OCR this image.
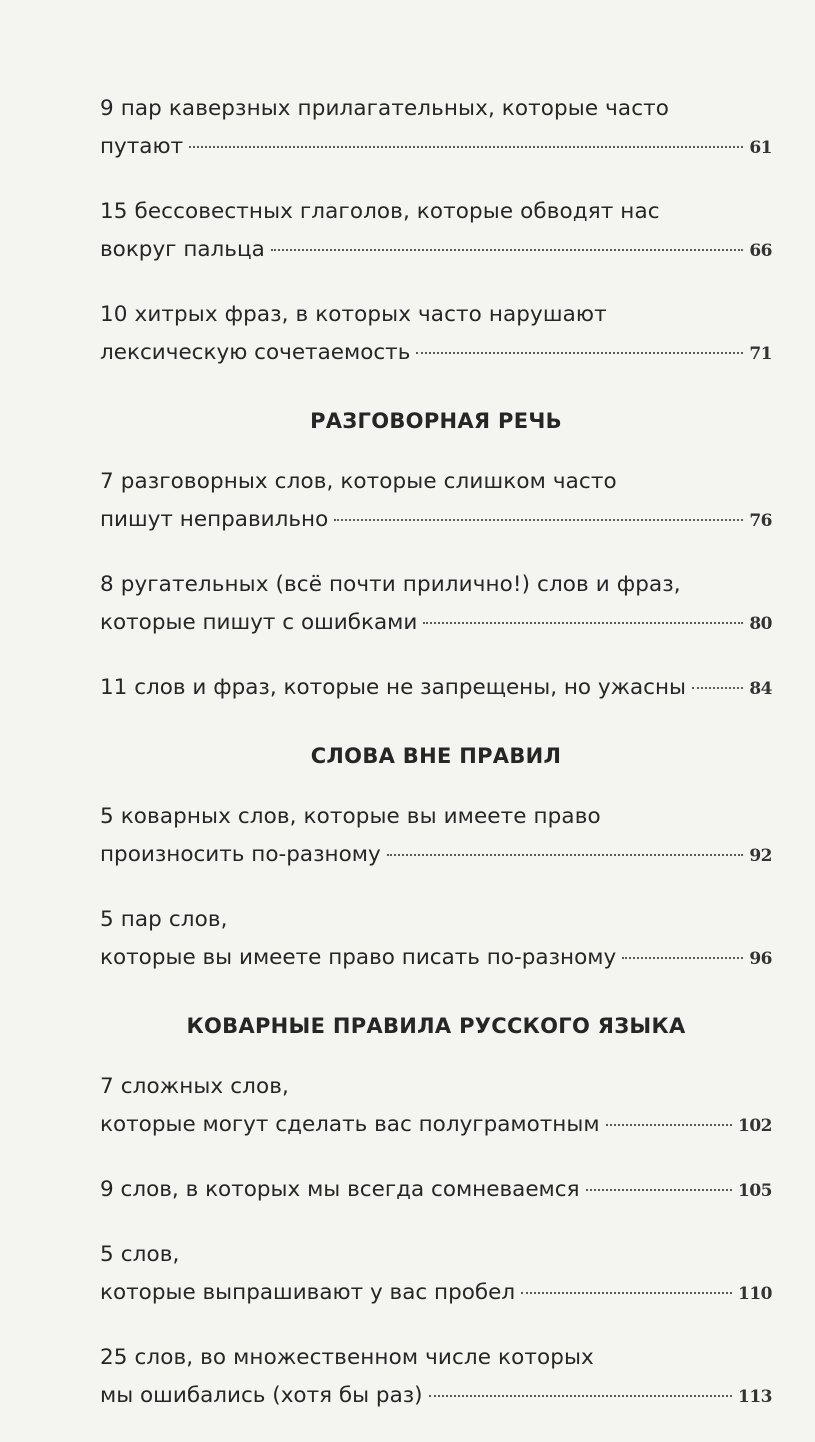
9 пар каверзных прилагательных, которые часто
путают	61
15 бессовестных глаголов, которые обводят нас
вокруг пальца	66
10 хитрых фраз, в которых часто нарушают
лексическую сочетаемость	71
РАЗГОВОРНАЯ РЕЧЬ
7 разговорных слов, которые слишком часто
пишут неправильно	76
8 ругательных (всё почти прилично!) слов и фраз,
которые пишут с ошибками	80
11 слов и фраз, которые не запрещены, но ужасны	84
СЛОВА ВНЕ ПРАВИЛ
5 коварных слов, которые вы имеете право
произносить по-разному	92
5 пар слов,
которые вы имеете право писать по-разному	96
КОВАРНЫЕ ПРАВИЛА РУССКОГО ЯЗЫКА
7 сложных слов,
которые могут сделать вас полуграмотным	102
9 слов, в которых мы всегда сомневаемся	105
5 слов,
которые выпрашивают у вас пробел	110
25 слов, во множественном числе которых
мы ошибались (хотя бы раз)	113
